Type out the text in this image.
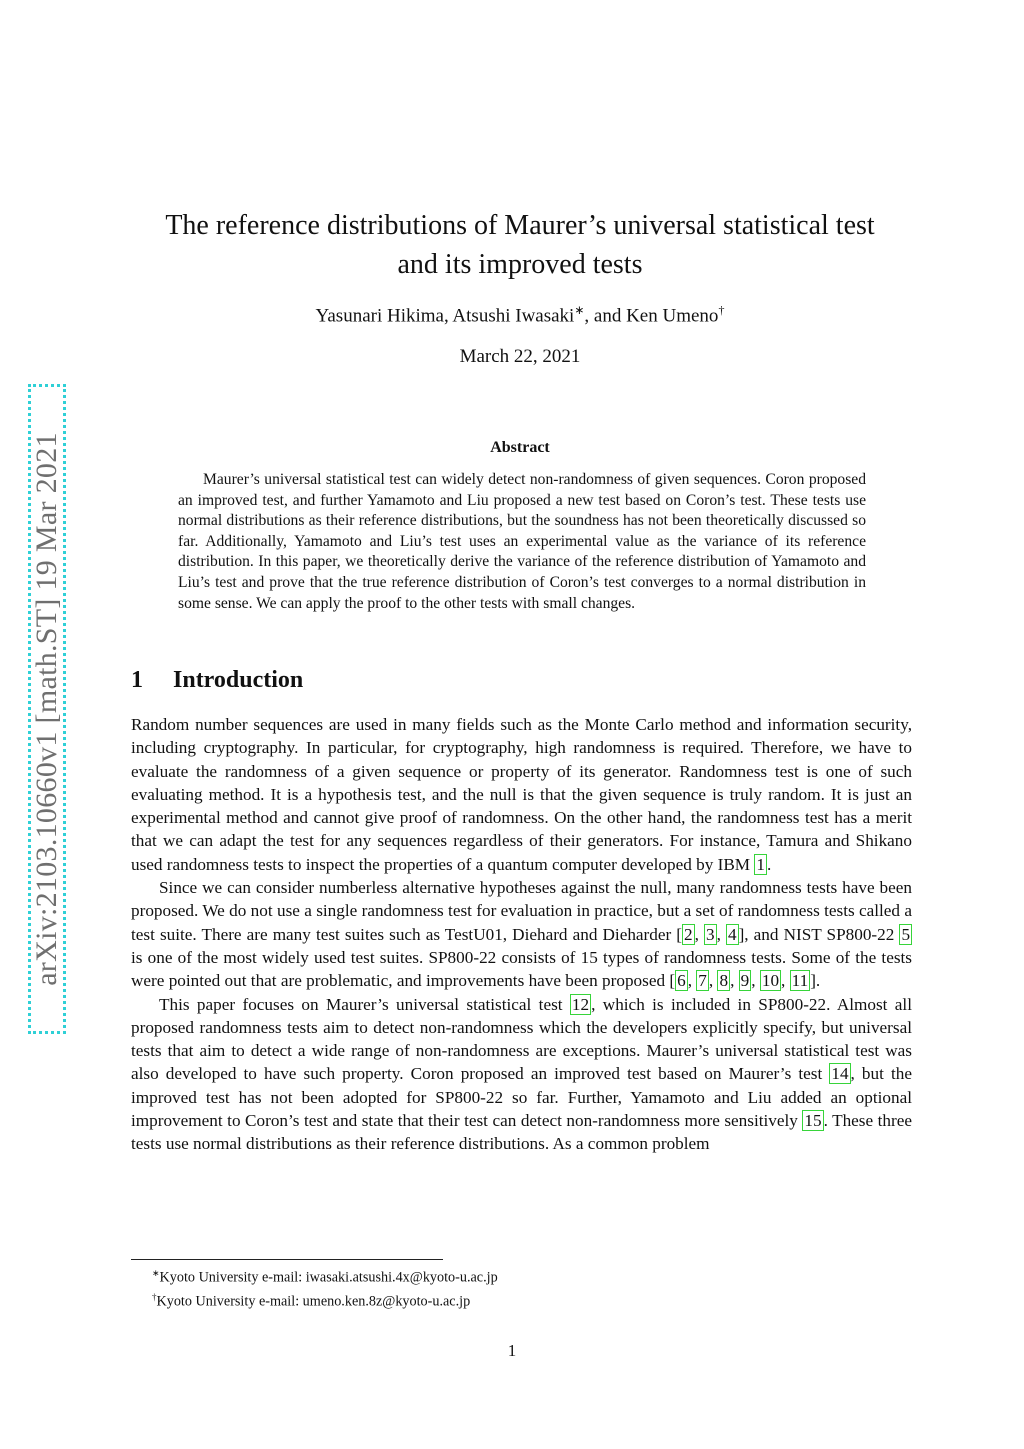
arXiv:2103.10660v1 [math.ST] 19 Mar 2021
The reference distributions of Maurer’s universal statistical test
and its improved tests
Yasunari Hikima, Atsushi Iwasaki∗, and Ken Umeno†
March 22, 2021
Abstract
Maurer’s universal statistical test can widely detect non-randomness of given sequences. Coron proposed an improved test, and further Yamamoto and Liu proposed a new test based on Coron’s test. These tests use normal distributions as their reference distributions, but the soundness has not been theoretically discussed so far. Additionally, Yamamoto and Liu’s test uses an experimental value as the variance of its reference distribution. In this paper, we theoretically derive the variance of the reference distribution of Yamamoto and Liu’s test and prove that the true reference distribution of Coron’s test converges to a normal distribution in some sense. We can apply the proof to the other tests with small changes.
1 Introduction

Random number sequences are used in many fields such as the Monte Carlo method and information security, including cryptography. In particular, for cryptography, high randomness is required. Therefore, we have to evaluate the randomness of a given sequence or property of its generator. Randomness test is one of such evaluating method. It is a hypothesis test, and the null is that the given sequence is truly random. It is just an experimental method and cannot give proof of randomness. On the other hand, the randomness test has a merit that we can adapt the test for any sequences regardless of their generators. For instance, Tamura and Shikano used randomness tests to inspect the properties of a quantum computer developed by IBM 1 .

Since we can consider numberless alternative hypotheses against the null, many randomness tests have been proposed. We do not use a single randomness test for evaluation in practice, but a set of randomness tests called a test suite. There are many test suites such as TestU01, Diehard and Dieharder [ 2 , 3 , 4 ], and NIST SP800-22 5 is one of the most widely used test suites. SP800-22 consists of 15 types of randomness tests. Some of the tests were pointed out that are problematic, and improvements have been proposed [ 6 , 7 , 8 , 9 , 10 , 11 ].

This paper focuses on Maurer’s universal statistical test 12 , which is included in SP800-22. Almost all proposed randomness tests aim to detect non-randomness which the developers explicitly specify, but universal tests that aim to detect a wide range of non-randomness are exceptions. Maurer’s universal statistical test was also developed to have such property. Coron proposed an improved test based on Maurer’s test 14 , but the improved test has not been adopted for SP800-22 so far. Further, Yamamoto and Liu added an optional improvement to Coron’s test and state that their test can detect non-randomness more sensitively 15 . These three tests use normal distributions as their reference distributions. As a common problem

∗Kyoto University e-mail: iwasaki.atsushi.4x@kyoto-u.ac.jp
†Kyoto University e-mail: umeno.ken.8z@kyoto-u.ac.jp
1
